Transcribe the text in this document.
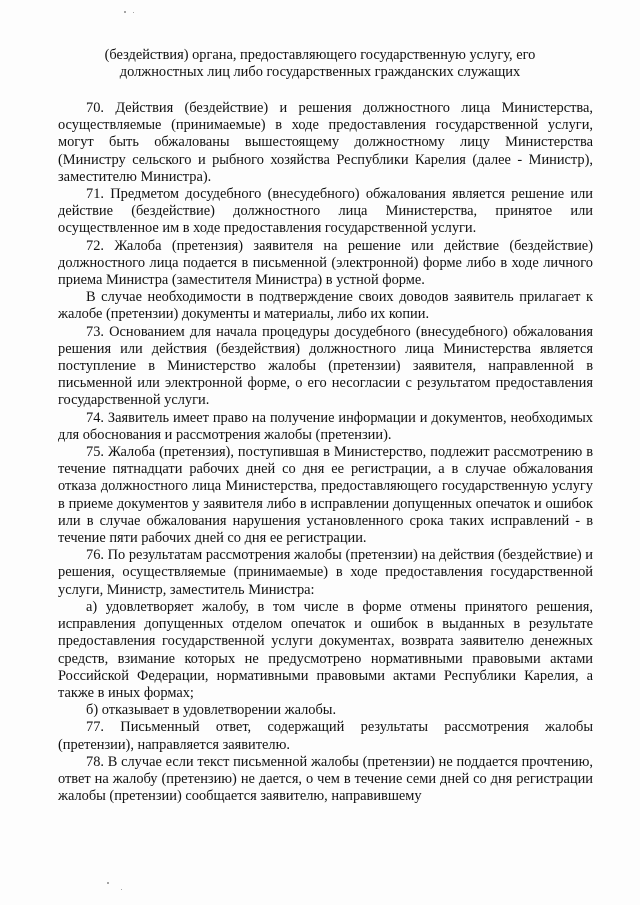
(бездействия) органа, предоставляющего государственную услугу, его

должностных лиц либо государственных гражданских служащих

70. Действия (бездействие) и решения должностного лица Министерства, осуществляемые (принимаемые) в ходе предоставления государственной услуги, могут быть обжалованы вышестоящему должностному лицу Министерства (Министру сельского и рыбного хозяйства Республики Карелия (далее - Министр), заместителю Министра).

71. Предметом досудебного (внесудебного) обжалования является решение или действие (бездействие) должностного лица Министерства, принятое или осуществленное им в ходе предоставления государственной услуги.

72. Жалоба (претензия) заявителя на решение или действие (бездействие) должностного лица подается в письменной (электронной) форме либо в ходе личного приема Министра (заместителя Министра) в устной форме.

В случае необходимости в подтверждение своих доводов заявитель прилагает к жалобе (претензии) документы и материалы, либо их копии.

73. Основанием для начала процедуры досудебного (внесудебного) обжалования решения или действия (бездействия) должностного лица Министерства является поступление в Министерство жалобы (претензии) заявителя, направленной в письменной или электронной форме, о его несогласии с результатом предоставления государственной услуги.

74. Заявитель имеет право на получение информации и документов, необходимых для обоснования и рассмотрения жалобы (претензии).

75. Жалоба (претензия), поступившая в Министерство, подлежит рассмотрению в течение пятнадцати рабочих дней со дня ее регистрации, а в случае обжалования отказа должностного лица Министерства, предоставляющего государственную услугу в приеме документов у заявителя либо в исправлении допущенных опечаток и ошибок или в случае обжалования нарушения установленного срока таких исправлений - в течение пяти рабочих дней со дня ее регистрации.

76. По результатам рассмотрения жалобы (претензии) на действия (бездействие) и решения, осуществляемые (принимаемые) в ходе предоставления государственной услуги, Министр, заместитель Министра:

а) удовлетворяет жалобу, в том числе в форме отмены принятого решения, исправления допущенных отделом опечаток и ошибок в выданных в результате предоставления государственной услуги документах, возврата заявителю денежных средств, взимание которых не предусмотрено нормативными правовыми актами Российской Федерации, нормативными правовыми актами Республики Карелия, а также в иных формах;

б) отказывает в удовлетворении жалобы.

77. Письменный ответ, содержащий результаты рассмотрения жалобы (претензии), направляется заявителю.

78. В случае если текст письменной жалобы (претензии) не поддается прочтению, ответ на жалобу (претензию) не дается, о чем в течение семи дней со дня регистрации жалобы (претензии) сообщается заявителю, направившему
